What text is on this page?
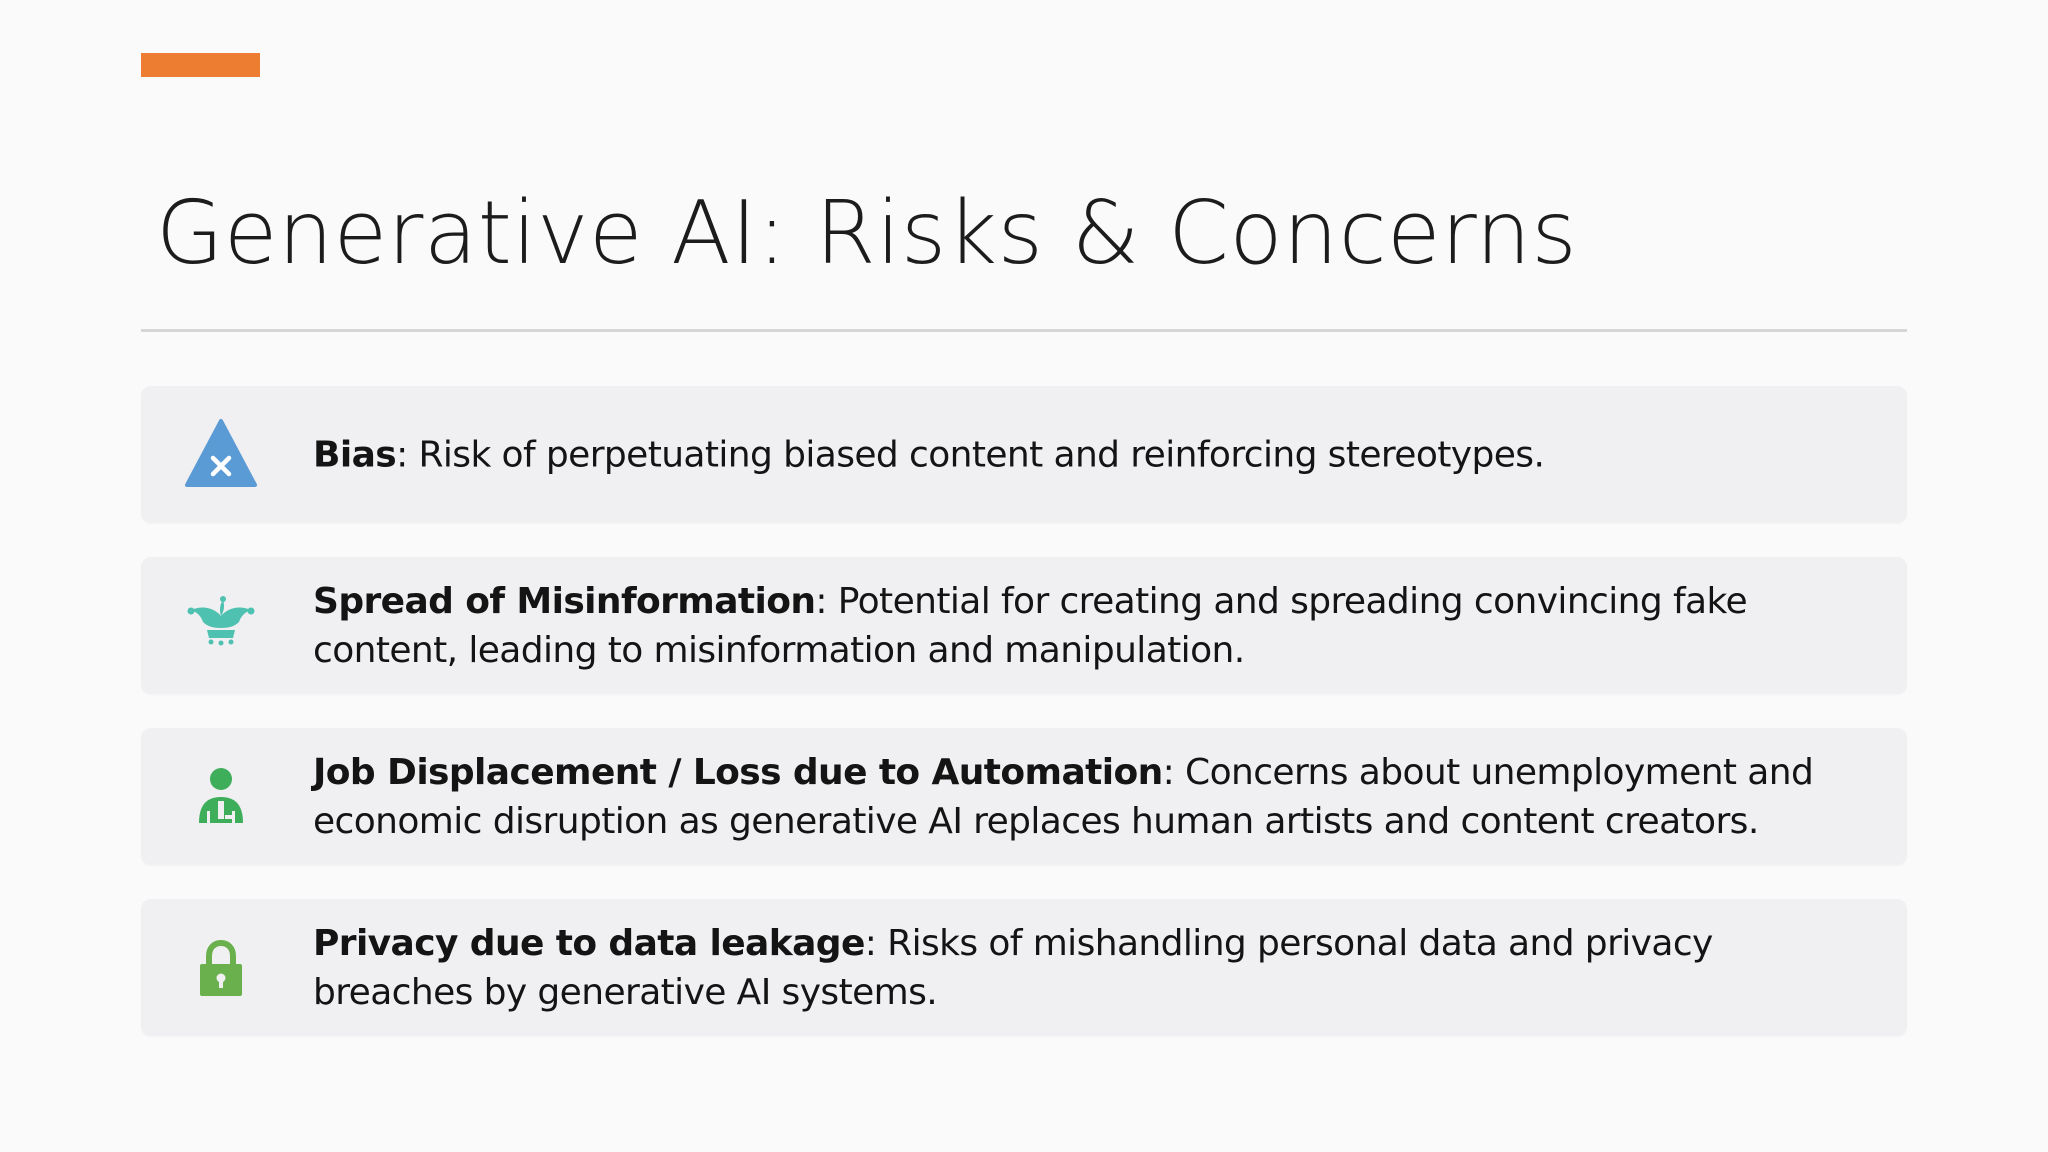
Generative AI: Risks & Concerns
Bias: Risk of perpetuating biased content and reinforcing stereotypes.
Spread of Misinformation: Potential for creating and spreading convincing fake content, leading to misinformation and manipulation.
Job Displacement / Loss due to Automation: Concerns about unemployment and economic disruption as generative AI replaces human artists and content creators.
Privacy due to data leakage: Risks of mishandling personal data and privacy breaches by generative AI systems.
